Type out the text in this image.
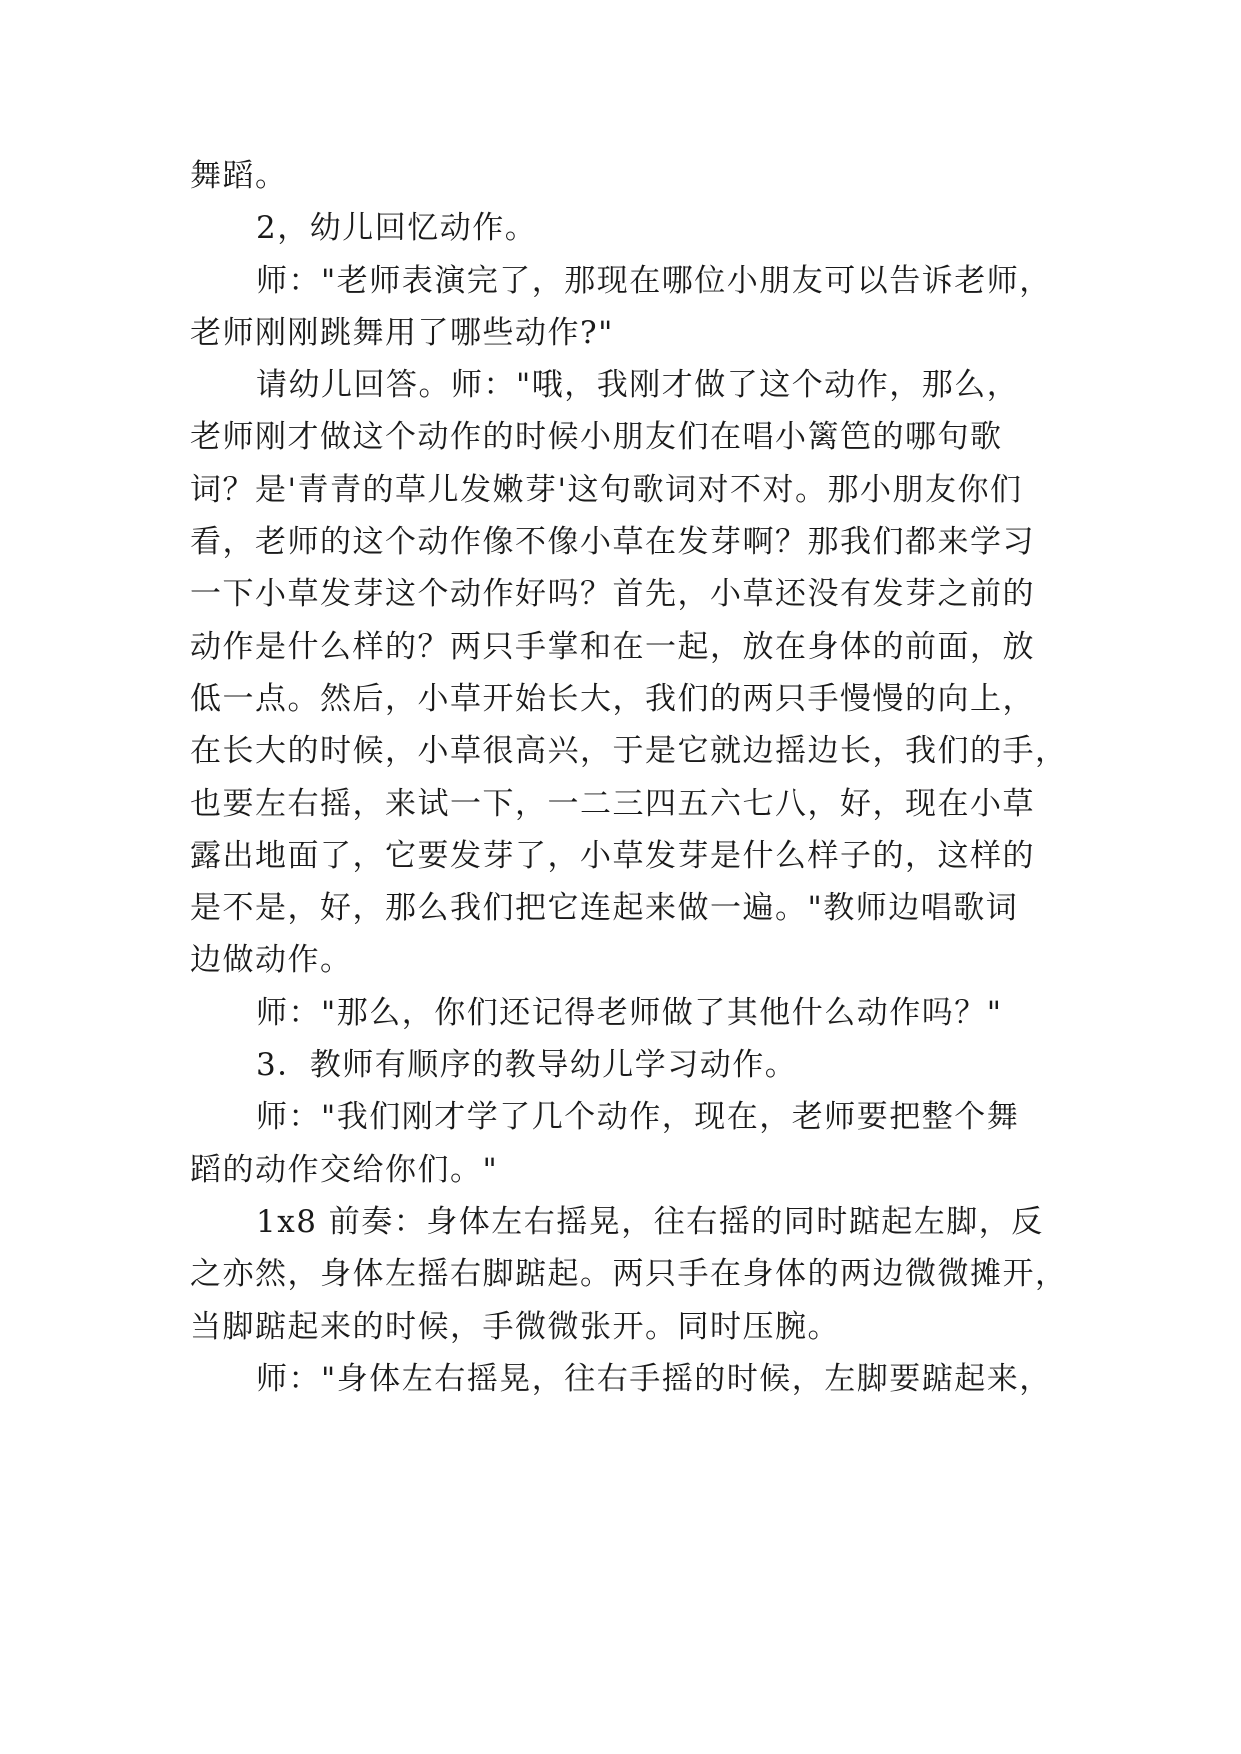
舞蹈。
2，幼儿回忆动作。
师："老师表演完了，那现在哪位小朋友可以告诉老师，
老师刚刚跳舞用了哪些动作?"
请幼儿回答。师："哦，我刚才做了这个动作，那么，
老师刚才做这个动作的时候小朋友们在唱小篱笆的哪句歌
词？是'青青的草儿发嫩芽'这句歌词对不对。那小朋友你们
看，老师的这个动作像不像小草在发芽啊？那我们都来学习
一下小草发芽这个动作好吗？首先，小草还没有发芽之前的
动作是什么样的？两只手掌和在一起，放在身体的前面，放
低一点。然后，小草开始长大，我们的两只手慢慢的向上，
在长大的时候，小草很高兴，于是它就边摇边长，我们的手，
也要左右摇，来试一下，一二三四五六七八，好，现在小草
露出地面了，它要发芽了，小草发芽是什么样子的，这样的
是不是，好，那么我们把它连起来做一遍。"教师边唱歌词
边做动作。
师："那么，你们还记得老师做了其他什么动作吗？"
3．教师有顺序的教导幼儿学习动作。
师："我们刚才学了几个动作，现在，老师要把整个舞
蹈的动作交给你们。"
1x8 前奏：身体左右摇晃，往右摇的同时踮起左脚，反
之亦然，身体左摇右脚踮起。两只手在身体的两边微微摊开，
当脚踮起来的时候，手微微张开。同时压腕。
师："身体左右摇晃，往右手摇的时候，左脚要踮起来，
